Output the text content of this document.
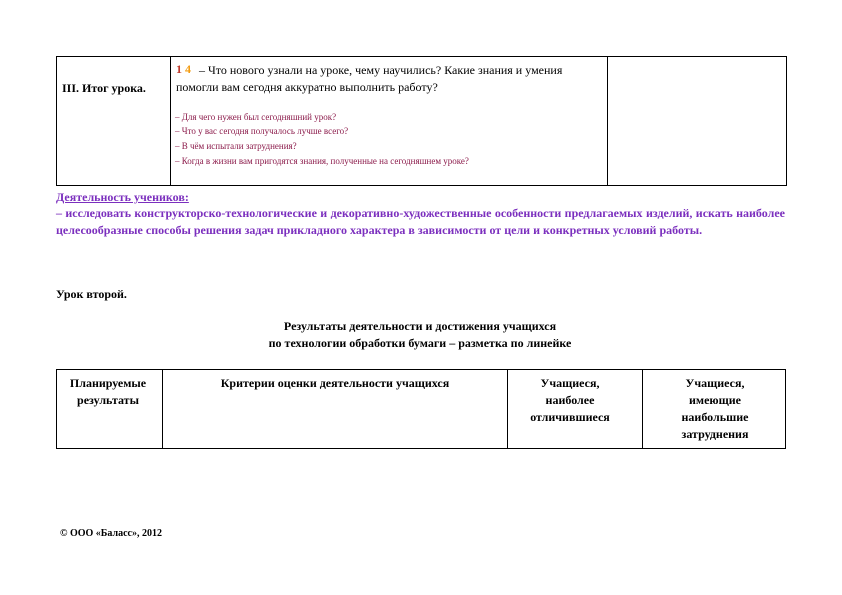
III. Итог урока.
1 4 – Что нового узнали на уроке, чему научились? Какие знания и умения помогли вам сегодня аккуратно выполнить работу?
– Для чего нужен был сегодняшний урок?
– Что у вас сегодня получалось лучше всего?
– В чём испытали затруднения?
– Когда в жизни вам пригодятся знания, полученные на сегодняшнем уроке?
Деятельность учеников:
– исследовать конструкторско-технологические и декоративно-художественные особенности предлагаемых изделий, искать наиболее целесообразные способы решения задач прикладного характера в зависимости от цели и конкретных условий работы.
Урок второй.
Результаты деятельности и достижения учащихся
по технологии обработки бумаги – разметка по линейке
Планируемые результаты
Критерии оценки деятельности учащихся	Учащиеся, наиболее отличившиеся
Учащиеся, имеющие наибольшие затруднения
© ООО «Баласс», 2012
